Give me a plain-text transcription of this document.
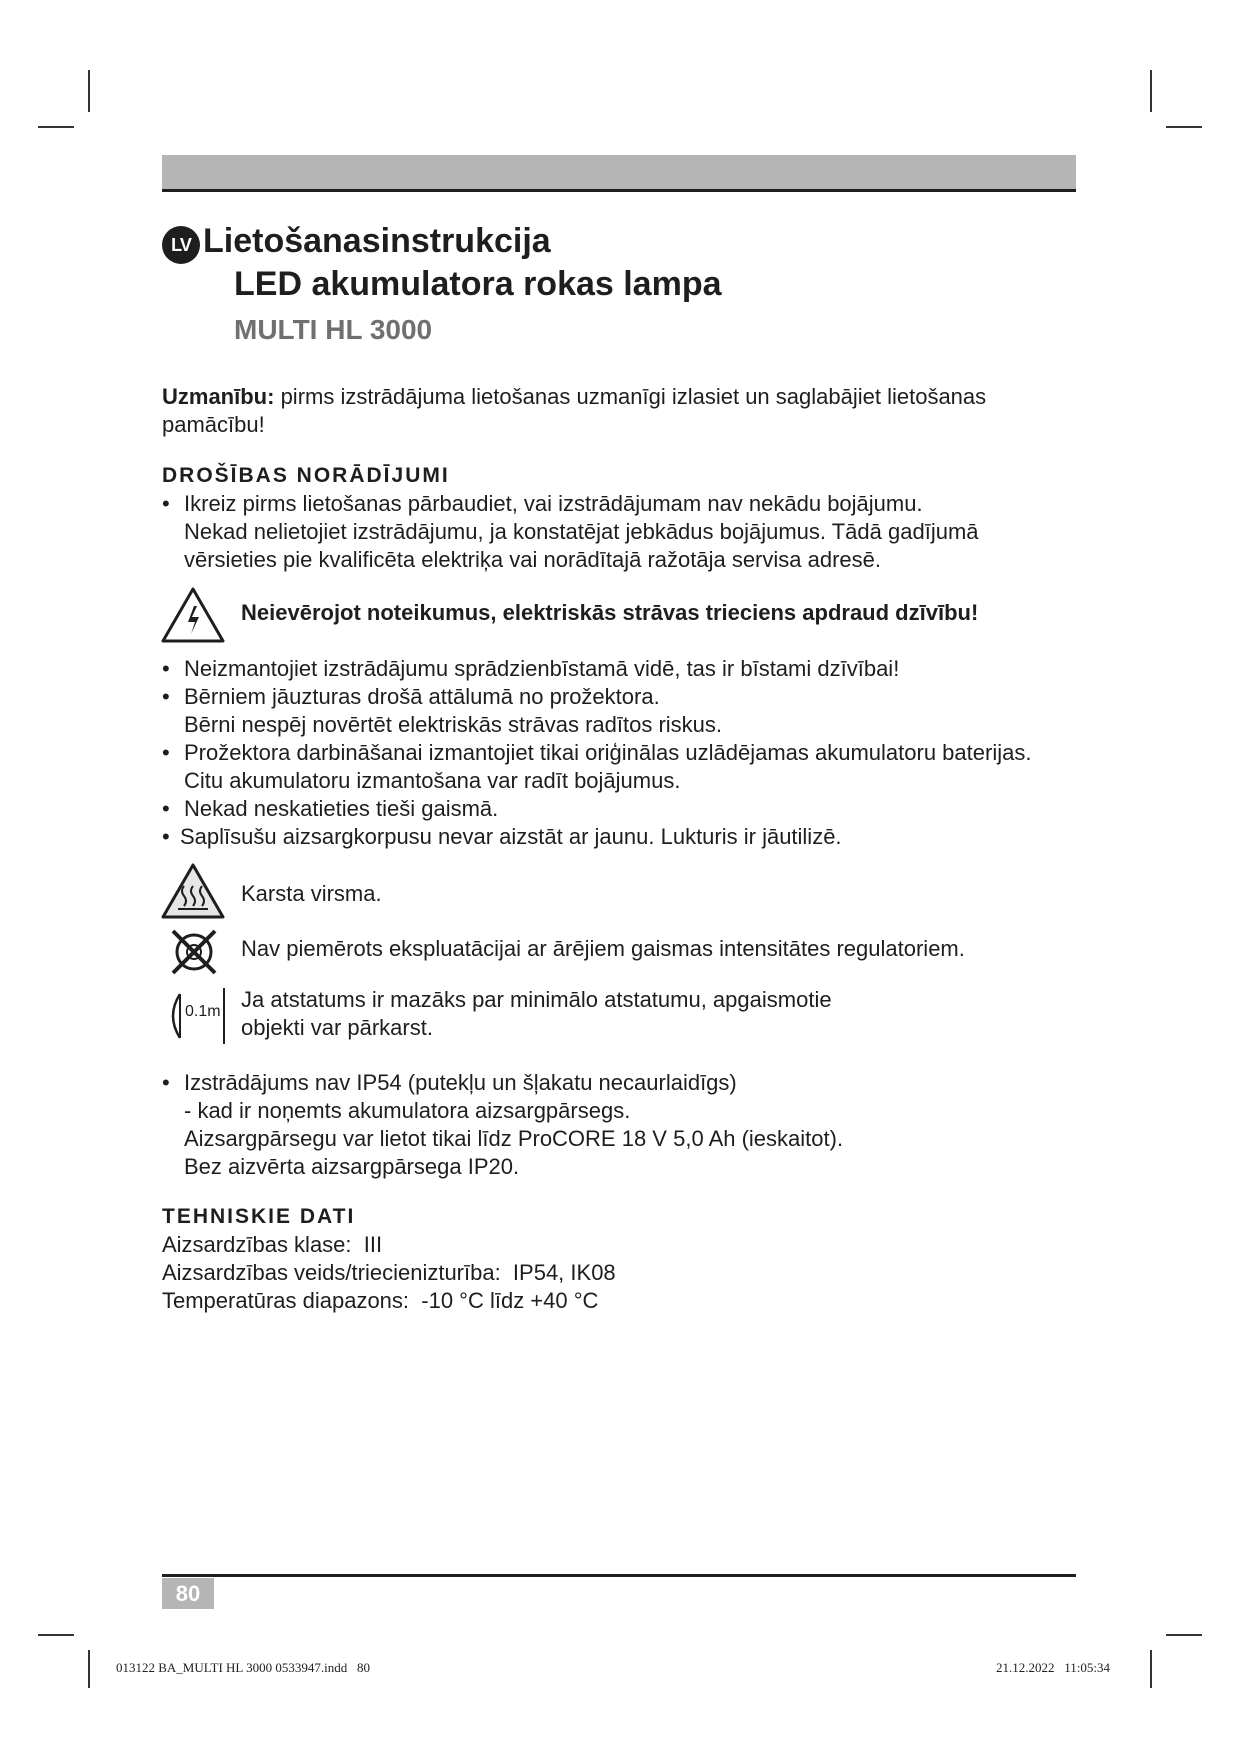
LV Lietošanasinstrukcija
LED akumulatora rokas lampa
MULTI HL 3000
Uzmanību: pirms izstrādājuma lietošanas uzmanīgi izlasiet un saglabājiet lietošanas pamācību!
DROŠĪBAS NORĀDĪJUMI
• Ikreiz pirms lietošanas pārbaudiet, vai izstrādājumam nav nekādu bojājumu.
Nekad nelietojiet izstrādājumu, ja konstatējat jebkādus bojājumus. Tādā gadījumā
vērsieties pie kvalificēta elektriķa vai norādītajā ražotāja servisa adresē.
Neievērojot noteikumus, elektriskās strāvas trieciens apdraud dzīvību!
• Neizmantojiet izstrādājumu sprādzienbīstamā vidē, tas ir bīstami dzīvībai!
• Bērniem jāuzturas drošā attālumā no prožektora.
Bērni nespēj novērtēt elektriskās strāvas radītos riskus.
• Prožektora darbināšanai izmantojiet tikai oriģinālas uzlādējamas akumulatoru baterijas.
Citu akumulatoru izmantošana var radīt bojājumus.
• Nekad neskatieties tieši gaismā.
• Saplīsušu aizsargkorpusu nevar aizstāt ar jaunu. Lukturis ir jāutilizē.
Karsta virsma.
Nav piemērots ekspluatācijai ar ārējiem gaismas intensitātes regulatoriem.
0.1m Ja atstatums ir mazāks par minimālo atstatumu, apgaismotie
objekti var pārkarst.
• Izstrādājums nav IP54 (putekļu un šļakatu necaurlaidīgs)
- kad ir noņemts akumulatora aizsargpārsegs.
Aizsargpārsegu var lietot tikai līdz ProCORE 18 V 5,0 Ah (ieskaitot).
Bez aizvērta aizsargpārsega IP20.
TEHNISKIE DATI
Aizsardzības klase:  III
Aizsardzības veids/triecienizturība:  IP54, IK08
Temperatūras diapazons:  -10 °C līdz +40 °C
80
013122 BA_MULTI HL 3000 0533947.indd   80	21.12.2022   11:05:34
